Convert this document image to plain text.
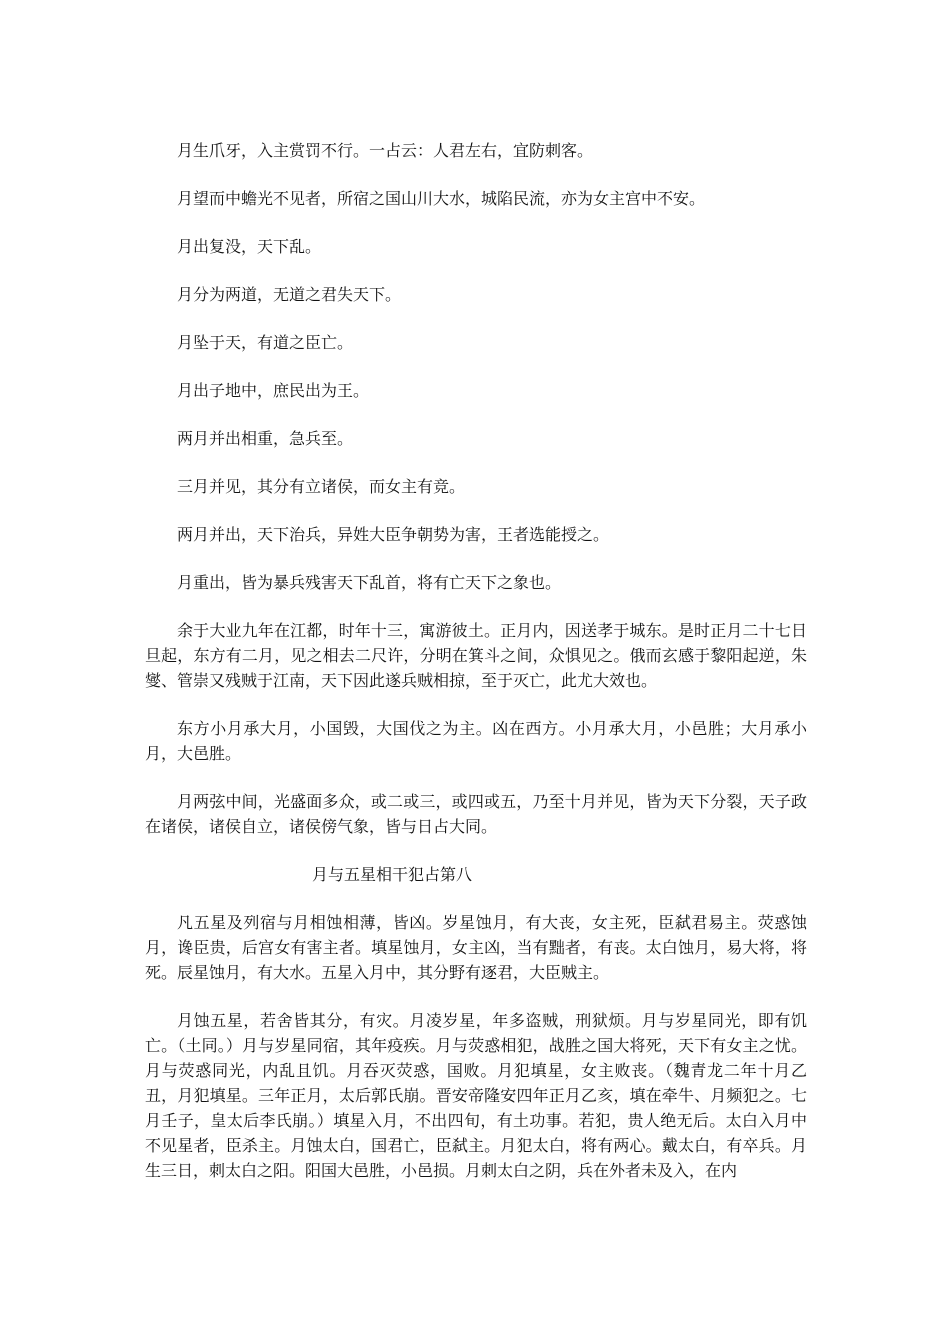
月生爪牙，入主赏罚不行。一占云：人君左右，宜防刺客。

月望而中蟾光不见者，所宿之国山川大水，城陷民流，亦为女主宫中不安。

月出复没，天下乱。

月分为两道，无道之君失天下。

月坠于天，有道之臣亡。

月出子地中，庶民出为王。

两月并出相重，急兵至。

三月并见，其分有立诸侯，而女主有竞。

两月并出，天下治兵，异姓大臣争朝势为害，王者选能授之。

月重出，皆为暴兵残害天下乱首，将有亡天下之象也。

余于大业九年在江都，时年十三，寓游彼土。正月内，因送孝于城东。是时正月二十七日旦起，东方有二月，见之相去二尺许，分明在箕斗之间，众惧见之。俄而玄感于黎阳起逆，朱燮、管崇又残贼于江南，天下因此遂兵贼相掠，至于灭亡，此尤大效也。

东方小月承大月，小国毁，大国伐之为主。凶在西方。小月承大月，小邑胜；大月承小月，大邑胜。

月两弦中间，光盛面多众，或二或三，或四或五，乃至十月并见，皆为天下分裂，天子政在诸侯，诸侯自立，诸侯傍气象，皆与日占大同。

月与五星相干犯占第八

凡五星及列宿与月相蚀相薄，皆凶。岁星蚀月，有大丧，女主死，臣弑君易主。荧惑蚀月，谗臣贵，后宫女有害主者。填星蚀月，女主凶，当有黜者，有丧。太白蚀月，易大将，将死。辰星蚀月，有大水。五星入月中，其分野有逐君，大臣贼主。

月蚀五星，若舍皆其分，有灾。月凌岁星，年多盗贼，刑狱烦。月与岁星同光，即有饥亡。（土同。）月与岁星同宿，其年疫疾。月与荧惑相犯，战胜之国大将死，天下有女主之忧。月与荧惑同光，内乱且饥。月吞灭荧惑，国败。月犯填星，女主败丧。（魏青龙二年十月乙丑，月犯填星。三年正月，太后郭氏崩。晋安帝隆安四年正月乙亥，填在牵牛、月频犯之。七月壬子，皇太后李氏崩。）填星入月，不出四旬，有土功事。若犯，贵人绝无后。太白入月中不见星者，臣杀主。月蚀太白，国君亡，臣弑主。月犯太白，将有两心。戴太白，有卒兵。月生三日，刺太白之阳。阳国大邑胜，小邑损。月刺太白之阴，兵在外者未及入，在内
